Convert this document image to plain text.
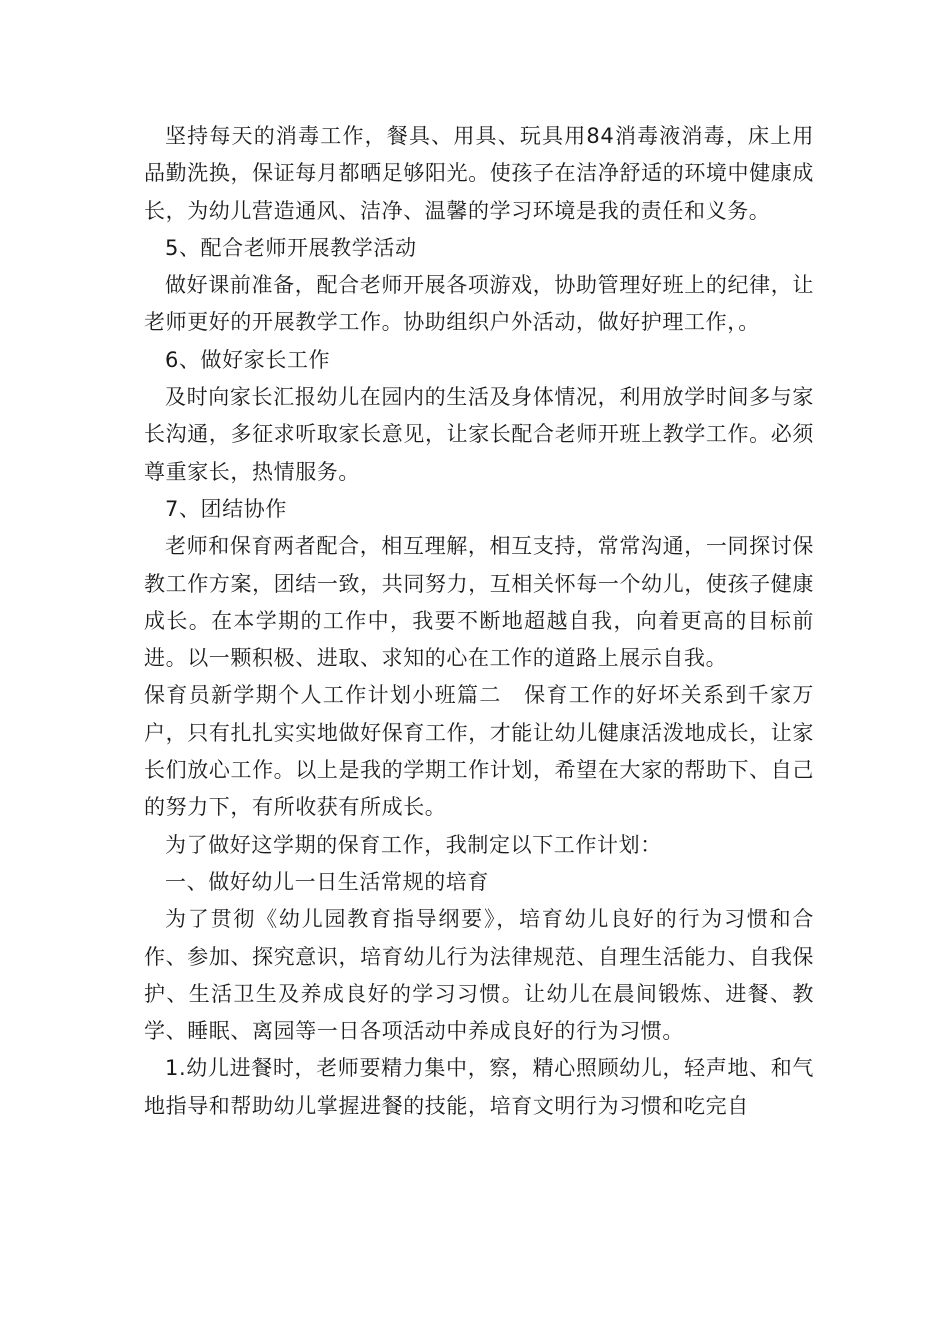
坚持每天的消毒工作，餐具、用具、玩具用84消毒液消毒，床上用品勤洗换，保证每月都晒足够阳光。使孩子在洁净舒适的环境中健康成长，为幼儿营造通风、洁净、温馨的学习环境是我的责任和义务。

5、配合老师开展教学活动

做好课前准备，配合老师开展各项游戏，协助管理好班上的纪律，让老师更好的开展教学工作。协助组织户外活动，做好护理工作，。

6、做好家长工作

及时向家长汇报幼儿在园内的生活及身体情况，利用放学时间多与家长沟通，多征求听取家长意见，让家长配合老师开班上教学工作。必须尊重家长，热情服务。

7、团结协作

老师和保育两者配合，相互理解，相互支持，常常沟通，一同探讨保教工作方案，团结一致，共同努力，互相关怀每一个幼儿，使孩子健康成长。在本学期的工作中，我要不断地超越自我，向着更高的目标前进。以一颗积极、进取、求知的心在工作的道路上展示自我。

保育员新学期个人工作计划小班篇二　保育工作的好坏关系到千家万户，只有扎扎实实地做好保育工作，才能让幼儿健康活泼地成长，让家长们放心工作。以上是我的学期工作计划，希望在大家的帮助下、自己的努力下，有所收获有所成长。

为了做好这学期的保育工作，我制定以下工作计划：

一、做好幼儿一日生活常规的培育

为了贯彻《幼儿园教育指导纲要》，培育幼儿良好的行为习惯和合作、参加、探究意识，培育幼儿行为法律规范、自理生活能力、自我保护、生活卫生及养成良好的学习习惯。让幼儿在晨间锻炼、进餐、教学、睡眠、离园等一日各项活动中养成良好的行为习惯。

1.幼儿进餐时，老师要精力集中，察，精心照顾幼儿，轻声地、和气地指导和帮助幼儿掌握进餐的技能，培育文明行为习惯和吃完自
